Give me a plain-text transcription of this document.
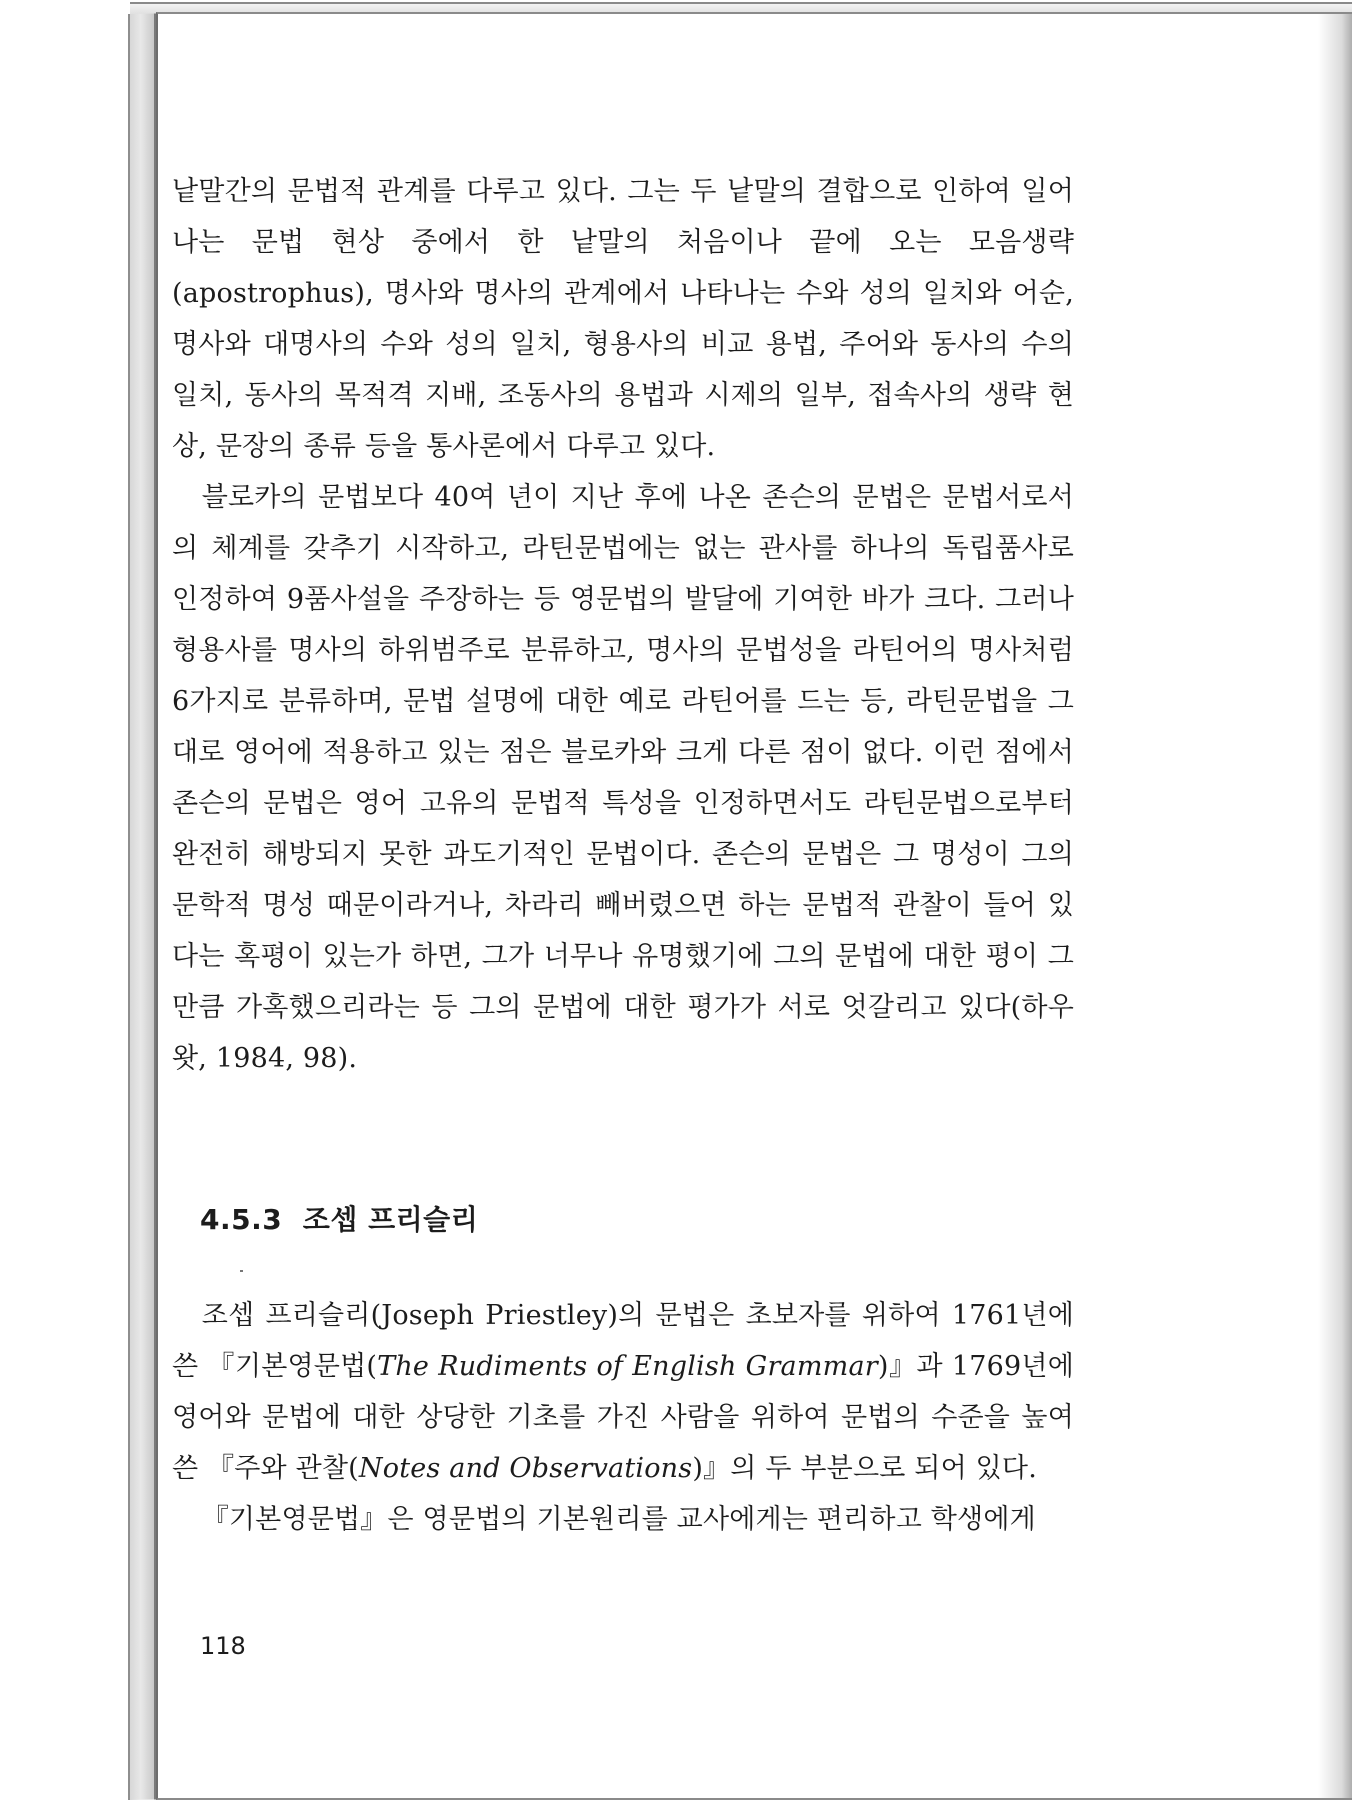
낱말간의 문법적 관계를 다루고 있다. 그는 두 낱말의 결합으로 인하여 일어나는 문법 현상 중에서 한 낱말의 처음이나 끝에 오는 모음생략 (apostrophus), 명사와 명사의 관계에서 나타나는 수와 성의 일치와 어순, 명사와 대명사의 수와 성의 일치, 형용사의 비교 용법, 주어와 동사의 수의 일치, 동사의 목적격 지배, 조동사의 용법과 시제의 일부, 접속사의 생략 현상, 문장의 종류 등을 통사론에서 다루고 있다.

블로카의 문법보다 40여 년이 지난 후에 나온 존슨의 문법은 문법서로서의 체계를 갖추기 시작하고, 라틴문법에는 없는 관사를 하나의 독립품사로 인정하여 9품사설을 주장하는 등 영문법의 발달에 기여한 바가 크다. 그러나 형용사를 명사의 하위범주로 분류하고, 명사의 문법성을 라틴어의 명사처럼 6가지로 분류하며, 문법 설명에 대한 예로 라틴어를 드는 등, 라틴문법을 그대로 영어에 적용하고 있는 점은 블로카와 크게 다른 점이 없다. 이런 점에서 존슨의 문법은 영어 고유의 문법적 특성을 인정하면서도 라틴문법으로부터 완전히 해방되지 못한 과도기적인 문법이다. 존슨의 문법은 그 명성이 그의 문학적 명성 때문이라거나, 차라리 빼버렸으면 하는 문법적 관찰이 들어 있다는 혹평이 있는가 하면, 그가 너무나 유명했기에 그의 문법에 대한 평이 그만큼 가혹했으리라는 등 그의 문법에 대한 평가가 서로 엇갈리고 있다(하우왓, 1984, 98).

4.5.3 조셉 프리슬리

조셉 프리슬리(Joseph Priestley)의 문법은 초보자를 위하여 1761년에 쓴 『기본영문법(The Rudiments of English Grammar)』과 1769년에 영어와 문법에 대한 상당한 기초를 가진 사람을 위하여 문법의 수준을 높여 쓴 『주와 관찰(Notes and Observations)』의 두 부분으로 되어 있다.

『기본영문법』은 영문법의 기본원리를 교사에게는 편리하고 학생에게

118
